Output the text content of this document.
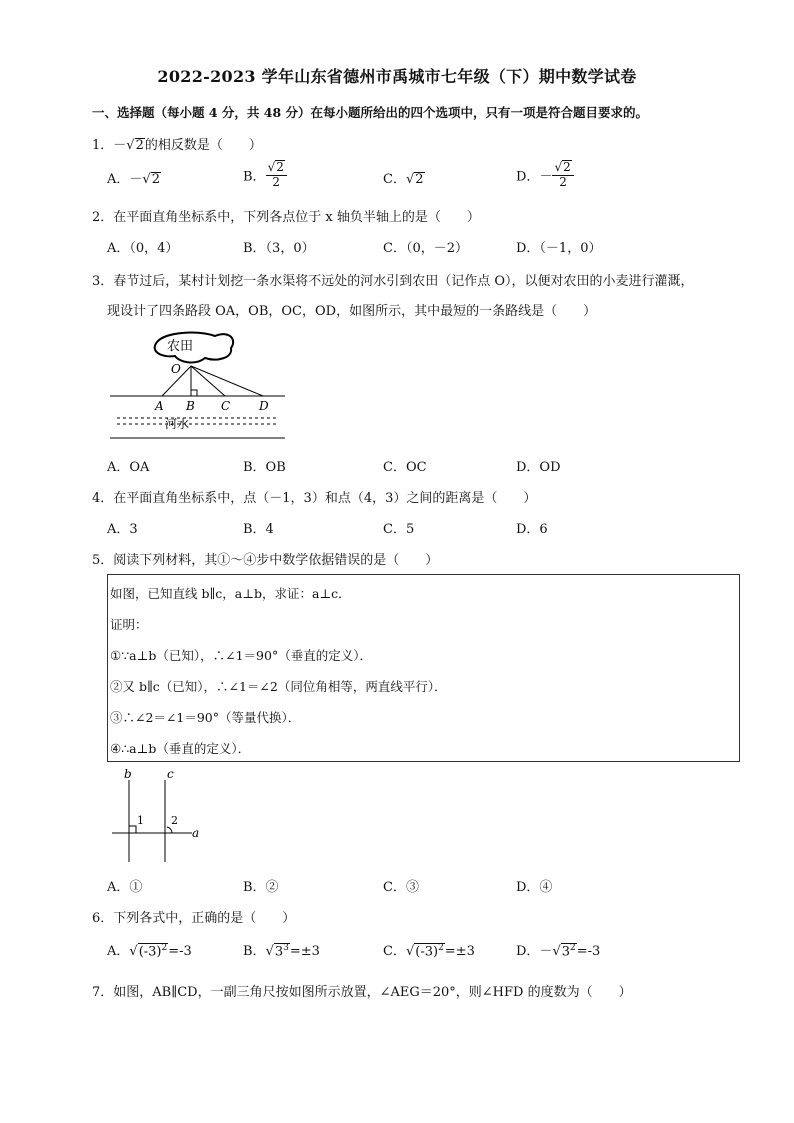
2022-2023 学年山东省德州市禹城市七年级（下）期中数学试卷
一、选择题（每小题 4 分，共 48 分）在每小题所给出的四个选项中，只有一项是符合题目要求的。
1．－√2的相反数是（　　）
A．－√2	B． $\frac{√2}{2}$	C．√2	D．－ $\frac{√2}{2}$
2．在平面直角坐标系中，下列各点位于 x 轴负半轴上的是（　　）
A．（0，4）	B．（3，0）	C．（0，－2）	D．（－1，0）
3．春节过后，某村计划挖一条水渠将不远处的河水引到农田（记作点 O），以便对农田的小麦进行灌溉，
现设计了四条路段 OA，OB，OC，OD，如图所示，其中最短的一条路线是（　　）
农田
O
A B C D
河水
A．OA	B．OB	C．OC	D．OD
4．在平面直角坐标系中，点（－1，3）和点（4，3）之间的距离是（　　）
A．3	B．4	C．5	D．6
5．阅读下列材料，其①～④步中数学依据错误的是（　　）
如图，已知直线 b∥c，a⊥b，求证：a⊥c．
证明：
①∵a⊥b（已知），∴∠1＝90°（垂直的定义）．
②又 b∥c（已知），∴∠1＝∠2（同位角相等，两直线平行）．
③∴∠2＝∠1＝90°（等量代换）．
④∴a⊥b（垂直的定义）．
b	c
a
1 2
A．①	B．②	C．③	D．④
6．下列各式中，正确的是（　　）
A．$√(-3)^2=-3$	B．$√3^3=\pm 3$	C．$√(-3)^2=\pm 3$	D．$-√3^2=-3$
7．如图，AB∥CD，一副三角尺按如图所示放置，∠AEG＝20°，则∠HFD 的度数为（　　）
